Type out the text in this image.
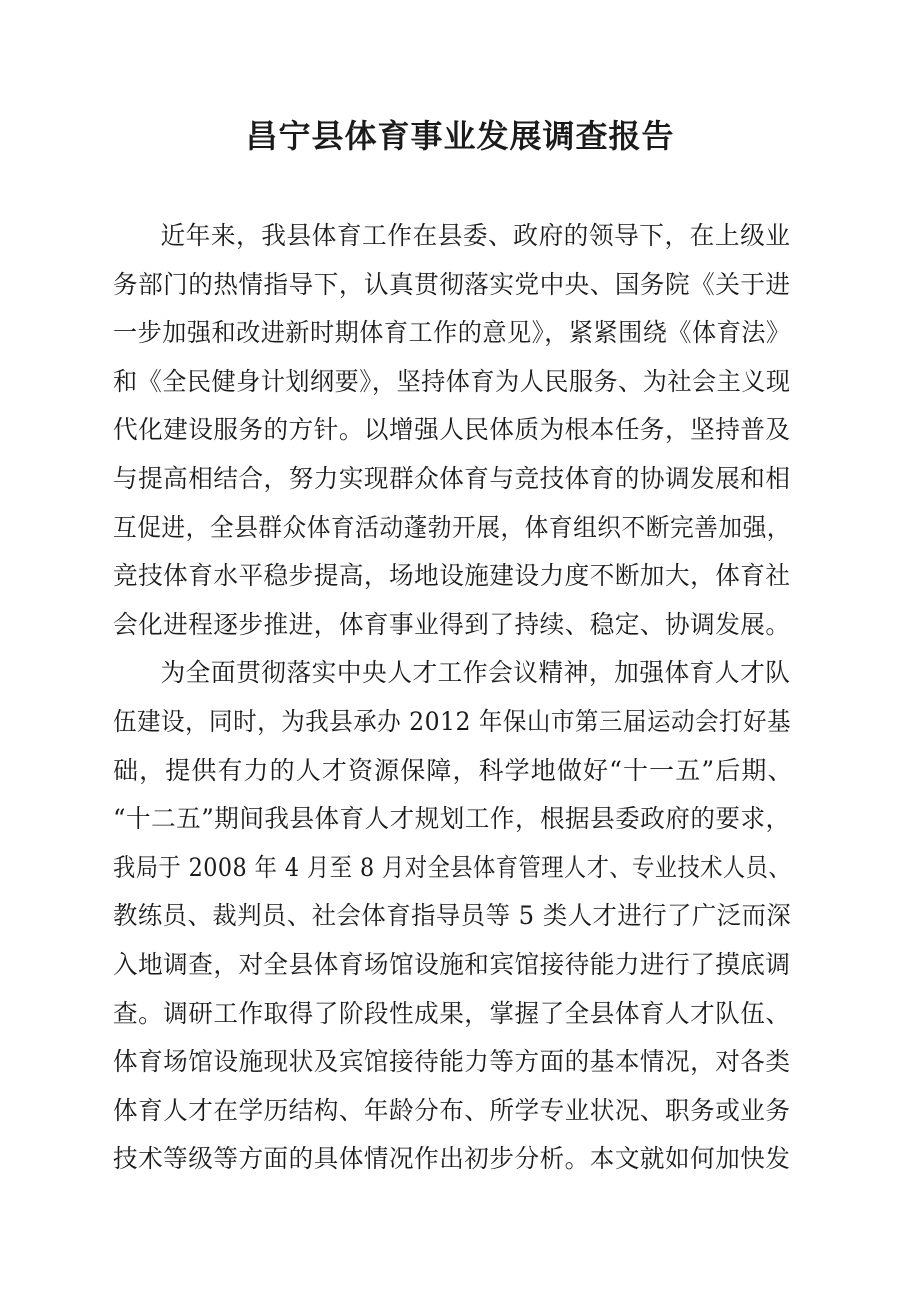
昌宁县体育事业发展调查报告
近年来，我县体育工作在县委、政府的领导下，在上级业
务部门的热情指导下，认真贯彻落实党中央、国务院《关于进
一步加强和改进新时期体育工作的意见》，紧紧围绕《体育法》
和《全民健身计划纲要》，坚持体育为人民服务、为社会主义现
代化建设服务的方针。以增强人民体质为根本任务，坚持普及
与提高相结合，努力实现群众体育与竞技体育的协调发展和相
互促进，全县群众体育活动蓬勃开展，体育组织不断完善加强，
竞技体育水平稳步提高，场地设施建设力度不断加大，体育社
会化进程逐步推进，体育事业得到了持续、稳定、协调发展。
为全面贯彻落实中央人才工作会议精神，加强体育人才队
伍建设，同时，为我县承办 2012 年保山市第三届运动会打好基
础，提供有力的人才资源保障，科学地做好“十一五”后期、
“十二五”期间我县体育人才规划工作，根据县委政府的要求，
我局于 2008 年 4 月至 8 月对全县体育管理人才、专业技术人员、
教练员、裁判员、社会体育指导员等 5 类人才进行了广泛而深
入地调查，对全县体育场馆设施和宾馆接待能力进行了摸底调
查。调研工作取得了阶段性成果，掌握了全县体育人才队伍、
体育场馆设施现状及宾馆接待能力等方面的基本情况，对各类
体育人才在学历结构、年龄分布、所学专业状况、职务或业务
技术等级等方面的具体情况作出初步分析。本文就如何加快发
